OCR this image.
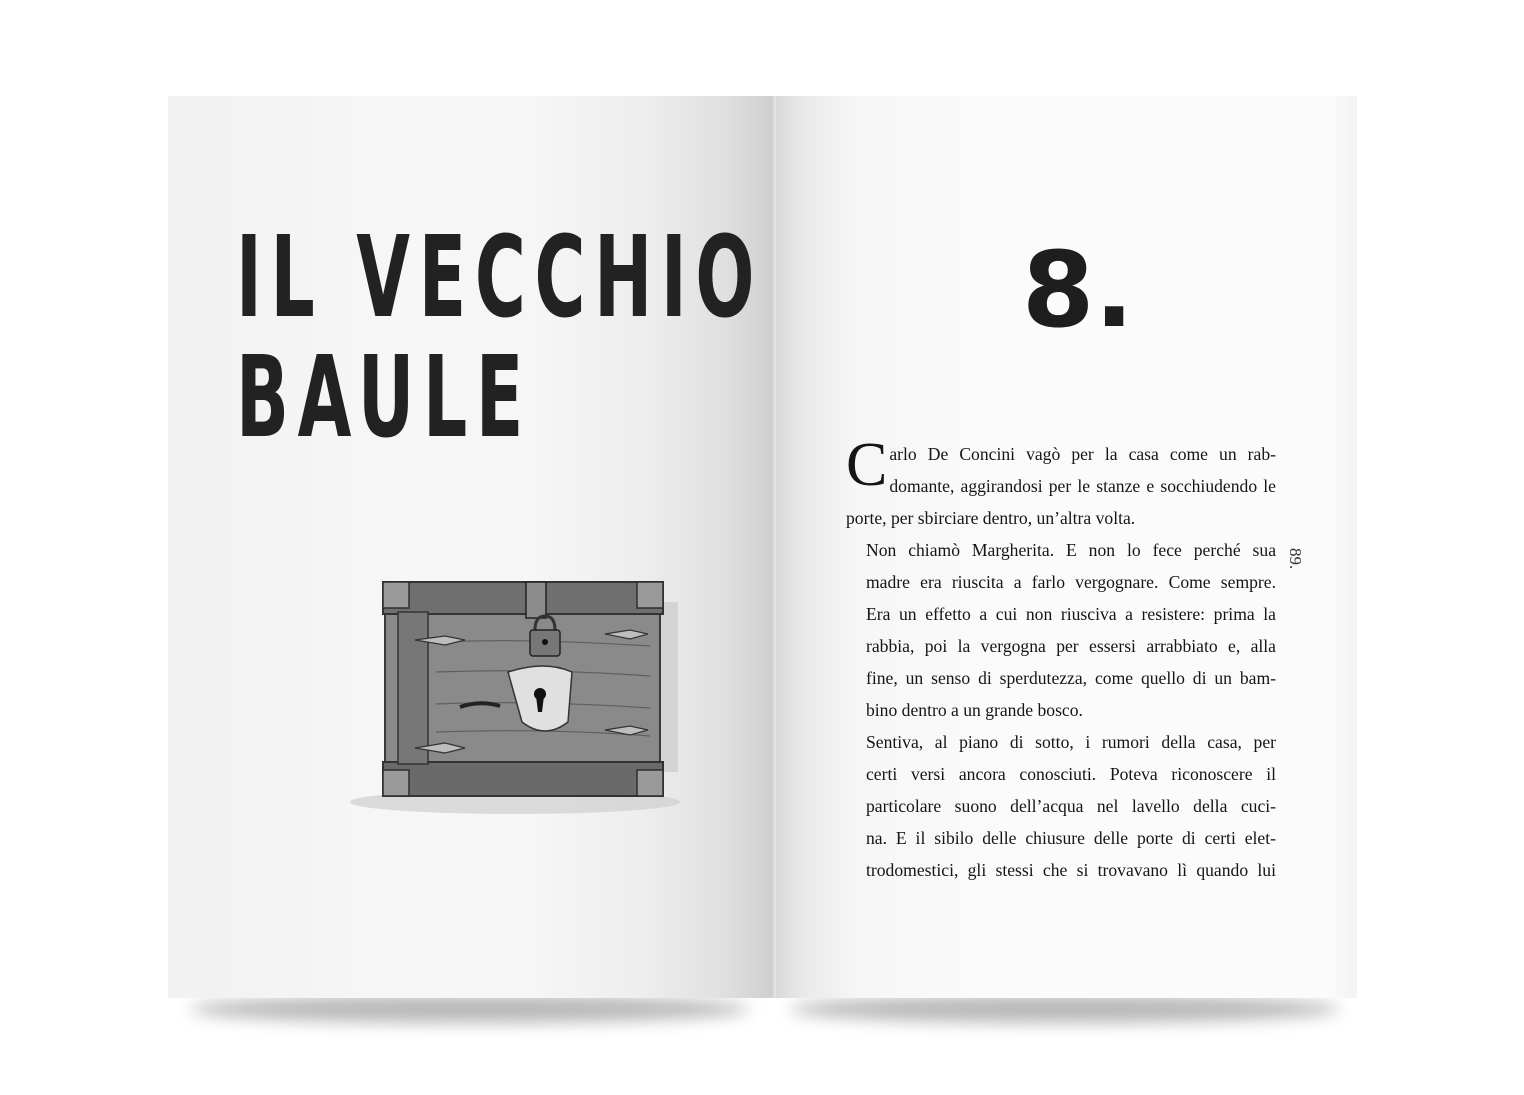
IL VECCHIO
BAULE
8.

C arlo De Concini vagò per la casa come un rab-
domante, aggirandosi per le stanze e socchiudendo le
porte, per sbirciare dentro, un’altra volta.

Non chiamò Margherita. E non lo fece perché sua
madre era riuscita a farlo vergognare. Come sempre.
Era un effetto a cui non riusciva a resistere: prima la
rabbia, poi la vergogna per essersi arrabbiato e, alla
fine, un senso di sperdutezza, come quello di un bam-
bino dentro a un grande bosco.

Sentiva, al piano di sotto, i rumori della casa, per
certi versi ancora conosciuti. Poteva riconoscere il
particolare suono dell’acqua nel lavello della cuci-
na. E il sibilo delle chiusure delle porte di certi elet-
trodomestici, gli stessi che si trovavano lì quando lui

89.
